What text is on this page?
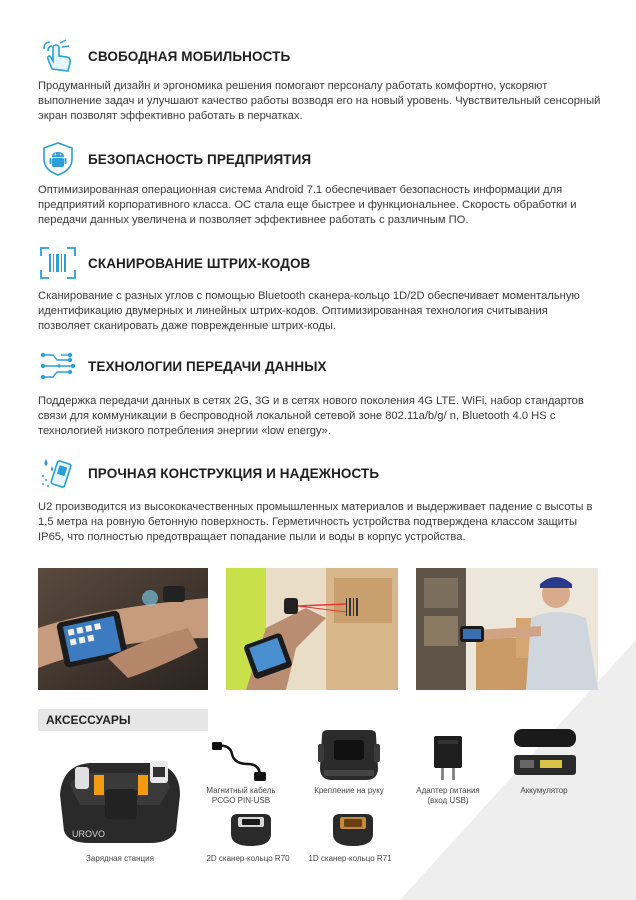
СВОБОДНАЯ МОБИЛЬНОСТЬ
Продуманный дизайн и эргономика решения помогают персоналу работать комфортно, ускоряют выполнение задач и улучшают качество работы возводя его на новый уровень. Чувствительный сенсорный экран позволят эффективно работать в перчатках.
БЕЗОПАСНОСТЬ ПРЕДПРИЯТИЯ
Оптимизированная операционная система Android 7.1 обеспечивает безопасность информации для предприятий корпоративного класса. ОС стала еще быстрее и функциональнее. Скорость обработки и передачи данных увеличена и позволяет эффективнее работать с различным ПО.
СКАНИРОВАНИЕ ШТРИХ-КОДОВ
Сканирование с разных углов с помощью Bluetooth сканера-кольцо 1D/2D обеспечивает моментальную идентификацию двумерных и линейных штрих-кодов. Оптимизированная технология считывания позволяет сканировать даже поврежденные штрих-коды.
ТЕХНОЛОГИИ ПЕРЕДАЧИ ДАННЫХ
Поддержка передачи данных в сетях 2G, 3G и в сетях нового поколения 4G LTE. WiFi, набор стандартов связи для коммуникации в беспроводной локальной сетевой зоне 802.11a/b/g/ n, Bluetooth 4.0 HS с технологией низкого потребления энергии «low energy».
ПРОЧНАЯ КОНСТРУКЦИЯ И НАДЕЖНОСТЬ
U2 производится из высококачественных промышленных материалов и выдерживает падение с высоты в 1,5 метра на ровную бетонную поверхность. Герметичность устройства подтверждена классом защиты IP65, что полностью предотвращает попадание пыли и воды в корпус устройства.
АКСЕССУАРЫ
UROVO
Зарядная станция
Магнитный кабель PCGO PIN-USB
Крепление на руку	Адаптер питания (вход USB)
Аккумулятор
2D сканер-кольцо R70	1D сканер-кольцо R71
